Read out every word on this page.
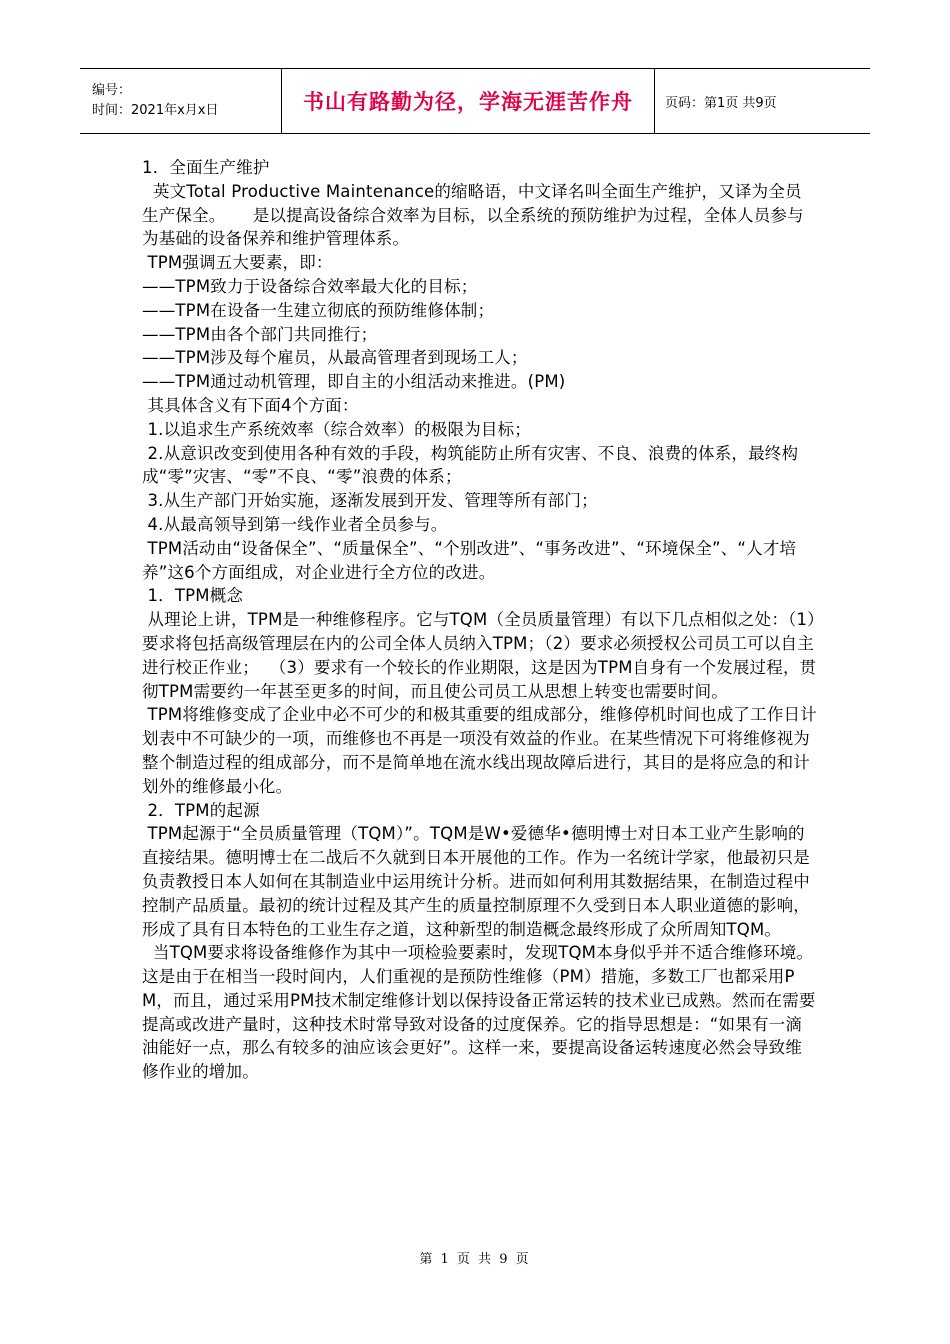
编号：
时间：2021年x月x日	书山有路勤为径，学海无涯苦作舟 页码：第1页 共9页

1．全面生产维护

英文Total Productive Maintenance的缩略语，中文译名叫全面生产维护，又译为全员生产保全。     是以提高设备综合效率为目标，以全系统的预防维护为过程，全体人员参与为基础的设备保养和维护管理体系。

TPM强调五大要素，即：

——TPM致力于设备综合效率最大化的目标；

——TPM在设备一生建立彻底的预防维修体制；

——TPM由各个部门共同推行；

——TPM涉及每个雇员，从最高管理者到现场工人；

——TPM通过动机管理，即自主的小组活动来推进。(PM)

其具体含义有下面4个方面：

1.以追求生产系统效率（综合效率）的极限为目标；

2.从意识改变到使用各种有效的手段，构筑能防止所有灾害、不良、浪费的体系，最终构成“零”灾害、“零”不良、“零”浪费的体系；

3.从生产部门开始实施，逐渐发展到开发、管理等所有部门；

4.从最高领导到第一线作业者全员参与。

TPM活动由“设备保全”、“质量保全”、“个别改进”、“事务改进”、“环境保全”、“人才培养”这6个方面组成，对企业进行全方位的改进。

1．TPM概念

从理论上讲，TPM是一种维修程序。它与TQM（全员质量管理）有以下几点相似之处：（1）要求将包括高级管理层在内的公司全体人员纳入TPM；（2）要求必须授权公司员工可以自主进行校正作业；  （3）要求有一个较长的作业期限，这是因为TPM自身有一个发展过程，贯彻TPM需要约一年甚至更多的时间，而且使公司员工从思想上转变也需要时间。

TPM将维修变成了企业中必不可少的和极其重要的组成部分，维修停机时间也成了工作日计划表中不可缺少的一项，而维修也不再是一项没有效益的作业。在某些情况下可将维修视为整个制造过程的组成部分，而不是简单地在流水线出现故障后进行，其目的是将应急的和计划外的维修最小化。

2．TPM的起源

TPM起源于“全员质量管理（TQM）”。TQM是W•爱德华•德明博士对日本工业产生影响的直接结果。德明博士在二战后不久就到日本开展他的工作。作为一名统计学家，他最初只是负责教授日本人如何在其制造业中运用统计分析。进而如何利用其数据结果，在制造过程中控制产品质量。最初的统计过程及其产生的质量控制原理不久受到日本人职业道德的影响，形成了具有日本特色的工业生存之道，这种新型的制造概念最终形成了众所周知TQM。

当TQM要求将设备维修作为其中一项检验要素时，发现TQM本身似乎并不适合维修环境。这是由于在相当一段时间内，人们重视的是预防性维修（PM）措施，多数工厂也都采用PM，而且，通过采用PM技术制定维修计划以保持设备正常运转的技术业已成熟。然而在需要提高或改进产量时，这种技术时常导致对设备的过度保养。它的指导思想是：“如果有一滴油能好一点，那么有较多的油应该会更好”。这样一来，要提高设备运转速度必然会导致维修作业的增加。

第 1 页 共 9 页
